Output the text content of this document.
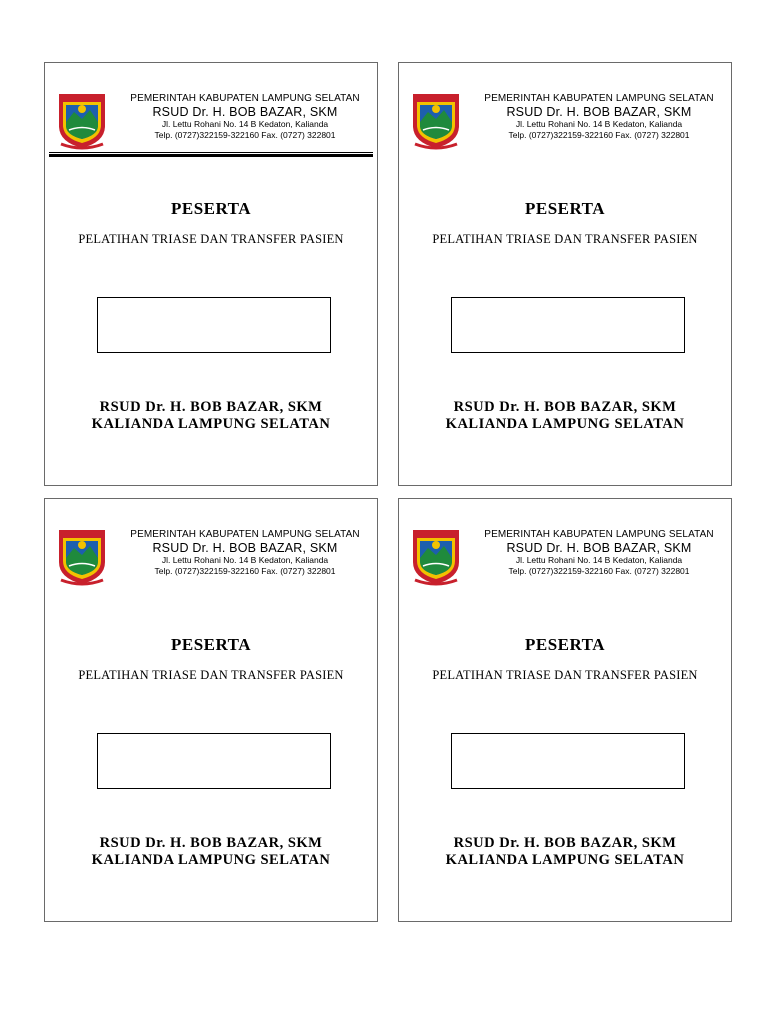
PEMERINTAH KABUPATEN LAMPUNG SELATAN
RSUD Dr. H. BOB BAZAR, SKM
Jl. Lettu Rohani No. 14 B Kedaton, Kalianda
Telp. (0727)322159-322160 Fax. (0727) 322801
PESERTA
PELATIHAN TRIASE DAN TRANSFER PASIEN
RSUD Dr. H. BOB BAZAR, SKM
KALIANDA LAMPUNG SELATAN
PEMERINTAH KABUPATEN LAMPUNG SELATAN
RSUD Dr. H. BOB BAZAR, SKM
Jl. Lettu Rohani No. 14 B Kedaton, Kalianda
Telp. (0727)322159-322160 Fax. (0727) 322801
PESERTA
PELATIHAN TRIASE DAN TRANSFER PASIEN
RSUD Dr. H. BOB BAZAR, SKM
KALIANDA LAMPUNG SELATAN
PEMERINTAH KABUPATEN LAMPUNG SELATAN
RSUD Dr. H. BOB BAZAR, SKM
Jl. Lettu Rohani No. 14 B Kedaton, Kalianda
Telp. (0727)322159-322160 Fax. (0727) 322801
PESERTA
PELATIHAN TRIASE DAN TRANSFER PASIEN
RSUD Dr. H. BOB BAZAR, SKM
KALIANDA LAMPUNG SELATAN
PEMERINTAH KABUPATEN LAMPUNG SELATAN
RSUD Dr. H. BOB BAZAR, SKM
Jl. Lettu Rohani No. 14 B Kedaton, Kalianda
Telp. (0727)322159-322160 Fax. (0727) 322801
PESERTA
PELATIHAN TRIASE DAN TRANSFER PASIEN
RSUD Dr. H. BOB BAZAR, SKM
KALIANDA LAMPUNG SELATAN
